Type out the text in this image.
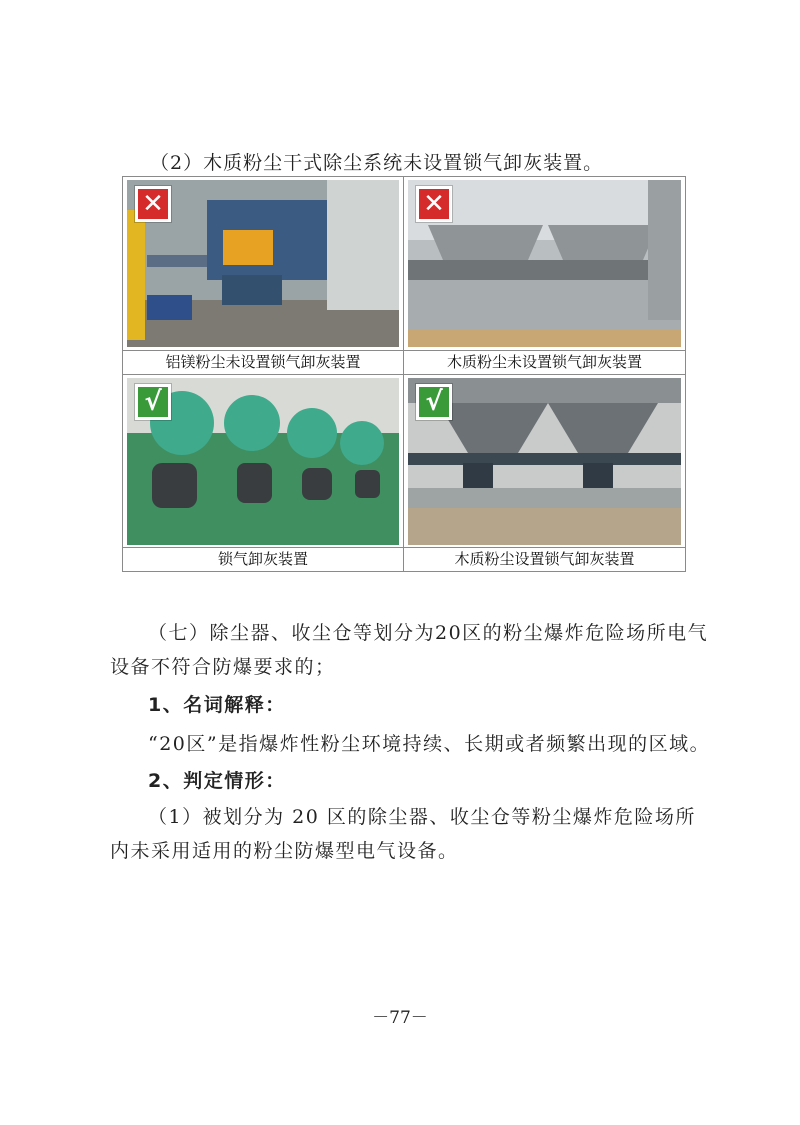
（2）木质粉尘干式除尘系统未设置锁气卸灰装置。
✕
铝镁粉尘未设置锁气卸灰装置
✕
木质粉尘未设置锁气卸灰装置
√
锁气卸灰装置
√
木质粉尘设置锁气卸灰装置
（七）除尘器、收尘仓等划分为20区的粉尘爆炸危险场所电气设备不符合防爆要求的；
1、名词解释：
“20区”是指爆炸性粉尘环境持续、长期或者频繁出现的区域。
2、判定情形：
（1）被划分为 20 区的除尘器、收尘仓等粉尘爆炸危险场所内未采用适用的粉尘防爆型电气设备。
－77－
